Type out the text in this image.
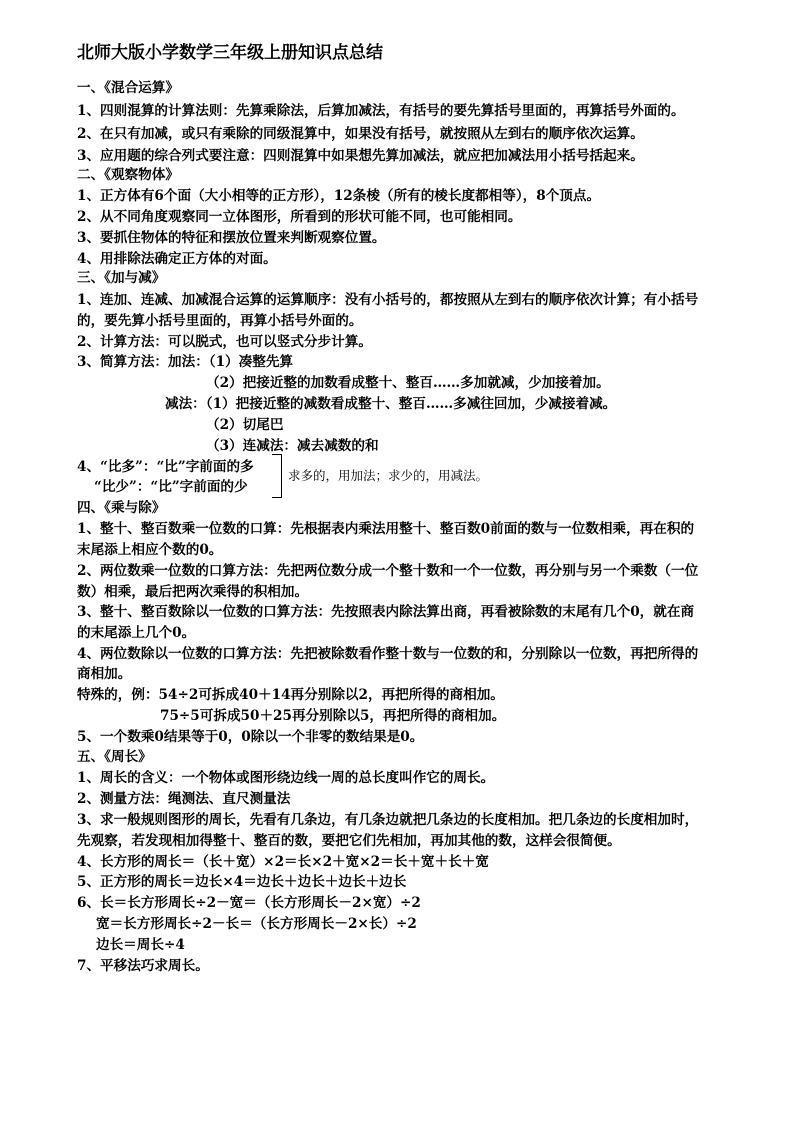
北师大版小学数学三年级上册知识点总结
一、《混合运算》
1、四则混算的计算法则：先算乘除法，后算加减法，有括号的要先算括号里面的，再算括号外面的。
2、在只有加减，或只有乘除的同级混算中，如果没有括号，就按照从左到右的顺序依次运算。
3、应用题的综合列式要注意：四则混算中如果想先算加减法，就应把加减法用小括号括起来。
二、《观察物体》
1、正方体有6个面（大小相等的正方形），12条棱（所有的棱长度都相等），8个顶点。
2、从不同角度观察同一立体图形，所看到的形状可能不同，也可能相同。
3、要抓住物体的特征和摆放位置来判断观察位置。
4、用排除法确定正方体的对面。
三、《加与减》
1、连加、连减、加减混合运算的运算顺序：没有小括号的，都按照从左到右的顺序依次计算；有小括号
的，要先算小括号里面的，再算小括号外面的。
2、计算方法：可以脱式，也可以竖式分步计算。
3、简算方法：加法：（1）凑整先算
（2）把接近整的加数看成整十、整百……多加就减，少加接着加。
减法：（1）把接近整的减数看成整十、整百……多减往回加，少减接着减。
（2）切尾巴
（3）连减法：减去减数的和
4、“比多”：“比”字前面的多
“比少”：“比”字前面的少
求多的，用加法；求少的，用减法。
四、《乘与除》
1、整十、整百数乘一位数的口算：先根据表内乘法用整十、整百数0前面的数与一位数相乘，再在积的
末尾添上相应个数的0。
2、两位数乘一位数的口算方法：先把两位数分成一个整十数和一个一位数，再分别与另一个乘数（一位
数）相乘，最后把两次乘得的积相加。
3、整十、整百数除以一位数的口算方法：先按照表内除法算出商，再看被除数的末尾有几个0，就在商
的末尾添上几个0。
4、两位数除以一位数的口算方法：先把被除数看作整十数与一位数的和，分别除以一位数，再把所得的
商相加。
特殊的，例：54÷2可拆成40＋14再分别除以2，再把所得的商相加。
75÷5可拆成50＋25再分别除以5，再把所得的商相加。
5、一个数乘0结果等于0，0除以一个非零的数结果是0。
五、《周长》
1、周长的含义：一个物体或图形绕边线一周的总长度叫作它的周长。
2、测量方法：绳测法、直尺测量法
3、求一般规则图形的周长，先看有几条边，有几条边就把几条边的长度相加。把几条边的长度相加时，
先观察，若发现相加得整十、整百的数，要把它们先相加，再加其他的数，这样会很简便。
4、长方形的周长＝（长＋宽）×2＝长×2＋宽×2＝长＋宽＋长＋宽
5、正方形的周长＝边长×4＝边长＋边长＋边长＋边长
6、长＝长方形周长÷2－宽＝（长方形周长－2×宽）÷2
宽＝长方形周长÷2－长＝（长方形周长－2×长）÷2
边长＝周长÷4
7、平移法巧求周长。
